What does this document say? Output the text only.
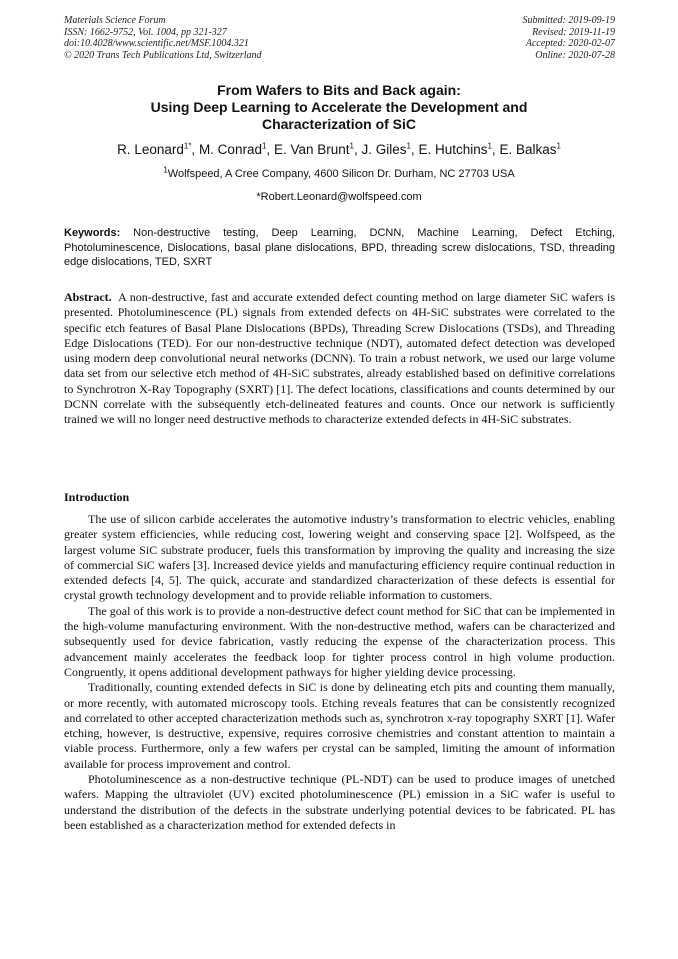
Materials Science Forum
ISSN: 1662-9752, Vol. 1004, pp 321-327
doi:10.4028/www.scientific.net/MSF.1004.321
© 2020 Trans Tech Publications Ltd, Switzerland
Submitted: 2019-09-19
Revised: 2019-11-19
Accepted: 2020-02-07
Online: 2020-07-28
From Wafers to Bits and Back again:
Using Deep Learning to Accelerate the Development and
Characterization of SiC
R. Leonard$^{1*}$, M. Conrad$^1$, E. Van Brunt$^1$, J. Giles$^1$, E. Hutchins$^1$, E. Balkas$^1$
$^1$Wolfspeed, A Cree Company, 4600 Silicon Dr. Durham, NC 27703 USA
*Robert.Leonard@wolfspeed.com
Keywords: Non-destructive testing, Deep Learning, DCNN, Machine Learning, Defect Etching, Photoluminescence, Dislocations, basal plane dislocations, BPD, threading screw dislocations, TSD, threading edge dislocations, TED, SXRT
Abstract. A non-destructive, fast and accurate extended defect counting method on large diameter SiC wafers is presented. Photoluminescence (PL) signals from extended defects on 4H-SiC substrates were correlated to the specific etch features of Basal Plane Dislocations (BPDs), Threading Screw Dislocations (TSDs), and Threading Edge Dislocations (TED). For our non-destructive technique (NDT), automated defect detection was developed using modern deep convolutional neural networks (DCNN). To train a robust network, we used our large volume data set from our selective etch method of 4H-SiC substrates, already established based on definitive correlations to Synchrotron X-Ray Topography (SXRT) [1]. The defect locations, classifications and counts determined by our DCNN correlate with the subsequently etch-delineated features and counts. Once our network is sufficiently trained we will no longer need destructive methods to characterize extended defects in 4H-SiC substrates.
Introduction

The use of silicon carbide accelerates the automotive industry’s transformation to electric vehicles, enabling greater system efficiencies, while reducing cost, lowering weight and conserving space [2]. Wolfspeed, as the largest volume SiC substrate producer, fuels this transformation by improving the quality and increasing the size of commercial SiC wafers [3]. Increased device yields and manufacturing efficiency require continual reduction in extended defects [4, 5]. The quick, accurate and standardized characterization of these defects is essential for crystal growth technology development and to provide reliable information to customers.

The goal of this work is to provide a non-destructive defect count method for SiC that can be implemented in the high-volume manufacturing environment. With the non-destructive method, wafers can be characterized and subsequently used for device fabrication, vastly reducing the expense of the characterization process. This advancement mainly accelerates the feedback loop for tighter process control in high volume production. Congruently, it opens additional development pathways for higher yielding device processing.

Traditionally, counting extended defects in SiC is done by delineating etch pits and counting them manually, or more recently, with automated microscopy tools. Etching reveals features that can be consistently recognized and correlated to other accepted characterization methods such as, synchrotron x-ray topography SXRT [1]. Wafer etching, however, is destructive, expensive, requires corrosive chemistries and constant attention to maintain a viable process. Furthermore, only a few wafers per crystal can be sampled, limiting the amount of information available for process improvement and control.

Photoluminescence as a non-destructive technique (PL-NDT) can be used to produce images of unetched wafers. Mapping the ultraviolet (UV) excited photoluminescence (PL) emission in a SiC wafer is useful to understand the distribution of the defects in the substrate underlying potential devices to be fabricated. PL has been established as a characterization method for extended defects in
